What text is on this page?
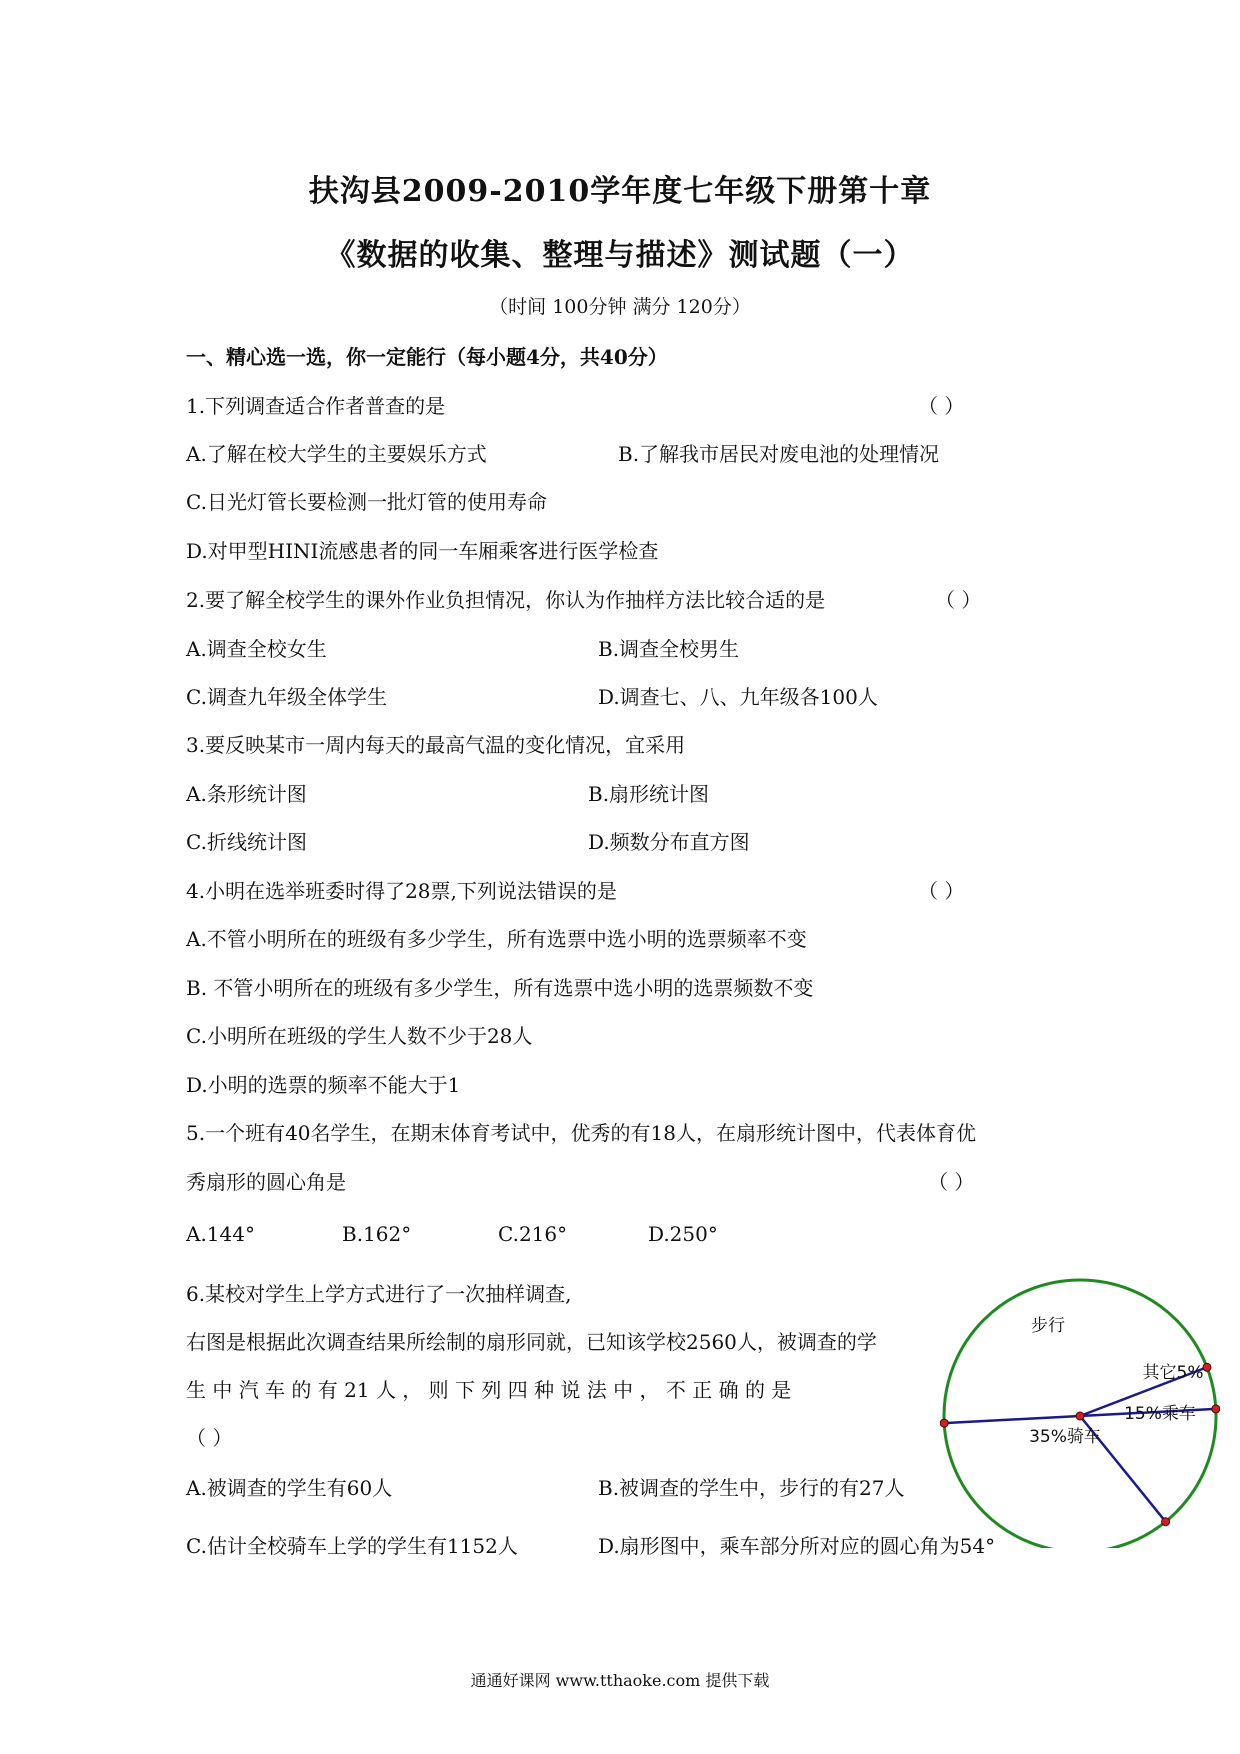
扶沟县2009-2010学年度七年级下册第十章
《数据的收集、整理与描述》测试题（一）
（时间 100分钟 满分 120分）
一、精心选一选，你一定能行（每小题4分，共40分）
1.下列调查适合作者普查的是	（ ）
A.了解在校大学生的主要娱乐方式	B.了解我市居民对废电池的处理情况
C.日光灯管长要检测一批灯管的使用寿命
D.对甲型HINI流感患者的同一车厢乘客进行医学检查
2.要了解全校学生的课外作业负担情况，你认为作抽样方法比较合适的是	（ ）
A.调查全校女生	B.调查全校男生
C.调查九年级全体学生	D.调查七、八、九年级各100人
3.要反映某市一周内每天的最高气温的变化情况，宜采用
A.条形统计图	B.扇形统计图
C.折线统计图	D.频数分布直方图
4.小明在选举班委时得了28票,下列说法错误的是	（ ）
A.不管小明所在的班级有多少学生，所有选票中选小明的选票频率不变
B. 不管小明所在的班级有多少学生，所有选票中选小明的选票频数不变
C.小明所在班级的学生人数不少于28人
D.小明的选票的频率不能大于1
5.一个班有40名学生，在期末体育考试中，优秀的有18人，在扇形统计图中，代表体育优
秀扇形的圆心角是	（ ）
A.144°	B.162°	C.216°	D.250°
6.某校对学生上学方式进行了一次抽样调查,
右图是根据此次调查结果所绘制的扇形同就，已知该学校2560人，被调查的学
生 中 汽 车 的 有 21 人 ， 则 下 列 四 种 说 法 中 ， 不 正 确 的 是
（ ）
A.被调查的学生有60人	B.被调查的学生中，步行的有27人
C.估计全校骑车上学的学生有1152人	D.扇形图中，乘车部分所对应的圆心角为54°
步行
其它5%
15%乘车
35%骑车
通通好课网 www.tthaoke.com 提供下载
